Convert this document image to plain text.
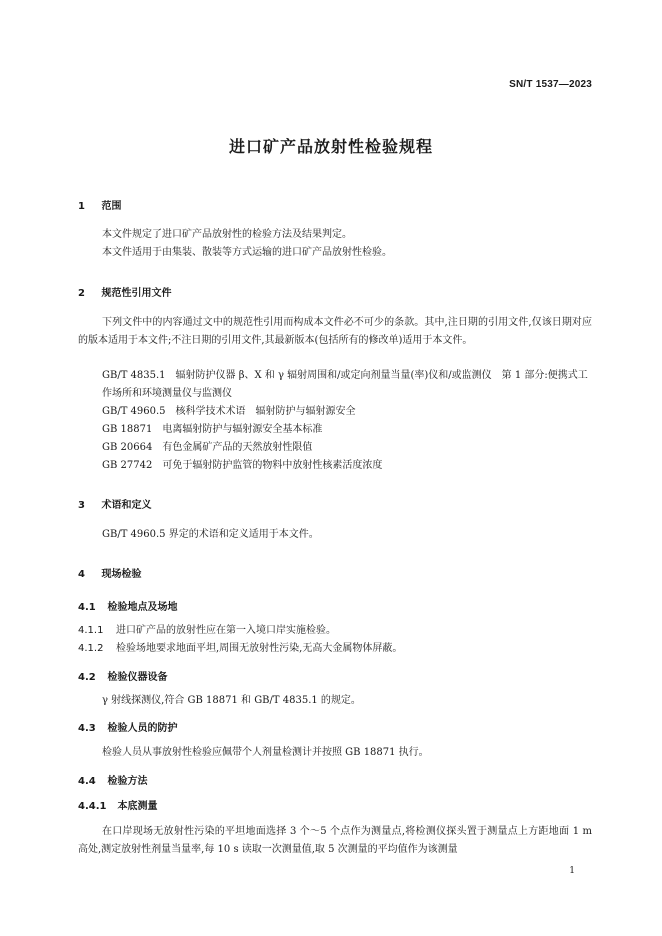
SN/T 1537—2023
进口矿产品放射性检验规程
1 范围
本文件规定了进口矿产品放射性的检验方法及结果判定。
本文件适用于由集装、散装等方式运输的进口矿产品放射性检验。
2 规范性引用文件
下列文件中的内容通过文中的规范性引用而构成本文件必不可少的条款。其中,注日期的引用文件,仅该日期对应的版本适用于本文件;不注日期的引用文件,其最新版本(包括所有的修改单)适用于本文件。
GB/T 4835.1 辐射防护仪器 β、X 和 γ 辐射周围和/或定向剂量当量(率)仪和/或监测仪　第 1 部分:便携式工作场所和环境测量仪与监测仪
GB/T 4960.5 核科学技术术语　辐射防护与辐射源安全
GB 18871 电离辐射防护与辐射源安全基本标准
GB 20664 有色金属矿产品的天然放射性限值
GB 27742 可免于辐射防护监管的物料中放射性核素活度浓度
3 术语和定义
GB/T 4960.5 界定的术语和定义适用于本文件。
4 现场检验
4.1 检验地点及场地
4.1.1 进口矿产品的放射性应在第一入境口岸实施检验。
4.1.2 检验场地要求地面平坦,周围无放射性污染,无高大金属物体屏蔽。
4.2 检验仪器设备
γ 射线探测仪,符合 GB 18871 和 GB/T 4835.1 的规定。
4.3 检验人员的防护
检验人员从事放射性检验应佩带个人剂量检测计并按照 GB 18871 执行。
4.4 检验方法
4.4.1 本底测量
在口岸现场无放射性污染的平坦地面选择 3 个～5 个点作为测量点,将检测仪探头置于测量点上方距地面 1 m 高处,测定放射性剂量当量率,每 10 s 读取一次测量值,取 5 次测量的平均值作为该测量
1
